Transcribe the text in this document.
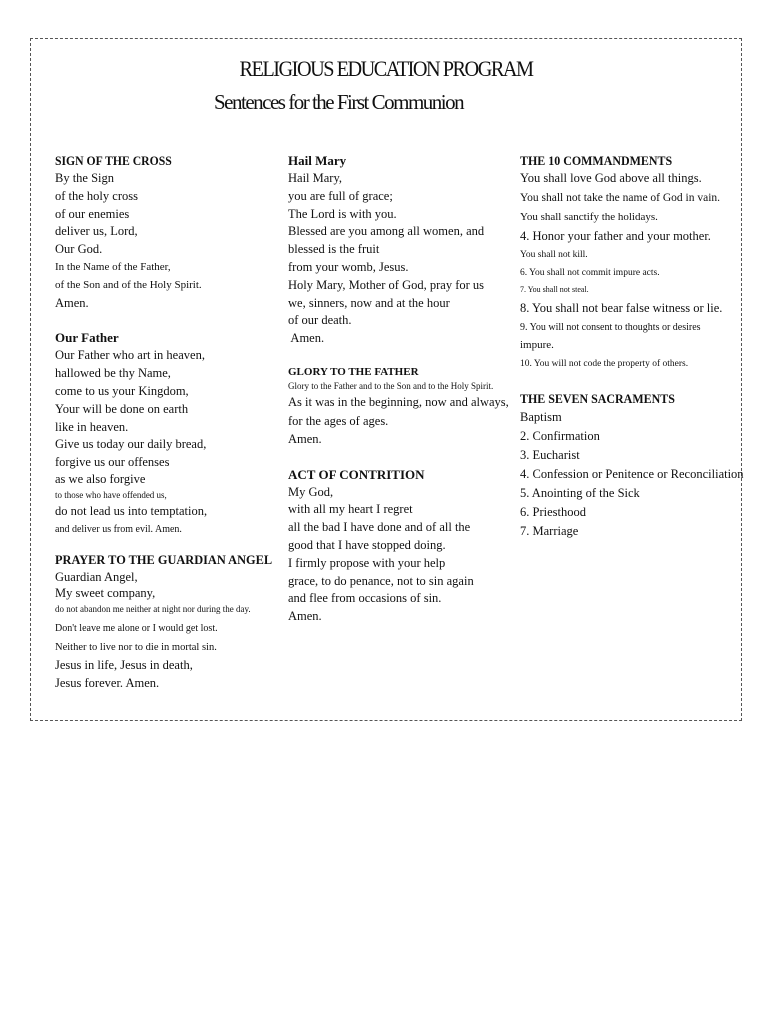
RELIGIOUS EDUCATION PROGRAM
Sentences for the First Communion
SIGN OF THE CROSS
By the Sign
of the holy cross
of our enemies
deliver us, Lord,
Our God.
In the Name of the Father,
of the Son and of the Holy Spirit.
Amen.
Our Father
Our Father who art in heaven,
hallowed be thy Name,
come to us your Kingdom,
Your will be done on earth
like in heaven.
Give us today our daily bread,
forgive us our offenses
as we also forgive
to those who have offended us,
do not lead us into temptation,
and deliver us from evil. Amen.
PRAYER TO THE GUARDIAN ANGEL
Guardian Angel,
My sweet company,
do not abandon me neither at night nor during the day.
Don't leave me alone or I would get lost.
Neither to live nor to die in mortal sin.
Jesus in life, Jesus in death,
Jesus forever. Amen.
Hail Mary
Hail Mary,
you are full of grace;
The Lord is with you.
Blessed are you among all women, and
blessed is the fruit
from your womb, Jesus.
Holy Mary, Mother of God, pray for us
we, sinners, now and at the hour
of our death.
Amen.
GLORY TO THE FATHER
Glory to the Father and to the Son and to the Holy Spirit.
As it was in the beginning, now and always,
for the ages of ages.
Amen.
ACT OF CONTRITION
My God,
with all my heart I regret
all the bad I have done and of all the
good that I have stopped doing.
I firmly propose with your help
grace, to do penance, not to sin again
and flee from occasions of sin.
Amen.
THE 10 COMMANDMENTS
You shall love God above all things.
You shall not take the name of God in vain.
You shall sanctify the holidays.
4. Honor your father and your mother.
You shall not kill.
6. You shall not commit impure acts.
7. You shall not steal.
8. You shall not bear false witness or lie.
9. You will not consent to thoughts or desires
impure.
10. You will not code the property of others.
THE SEVEN SACRAMENTS
Baptism
2. Confirmation
3. Eucharist
4. Confession or Penitence or Reconciliation
5. Anointing of the Sick
6. Priesthood
7. Marriage
